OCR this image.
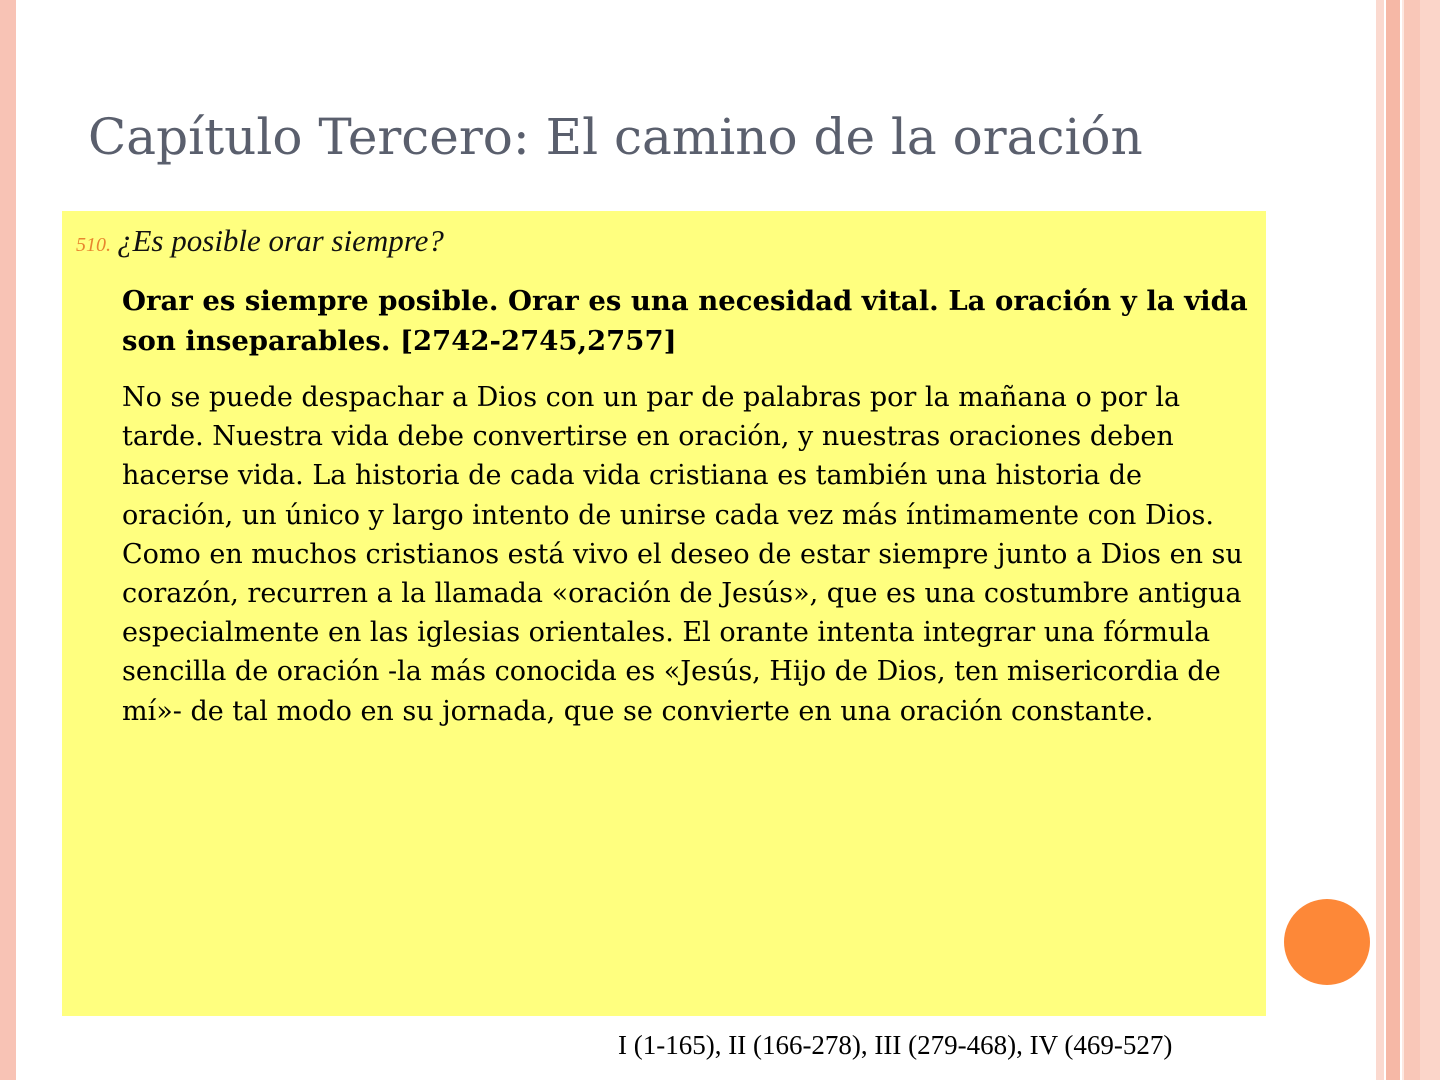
Capítulo Tercero: El camino de la oración
510. ¿Es posible orar siempre?
Orar es siempre posible. Orar es una necesidad vital. La oración y la vida son inseparables. [2742-2745,2757]
No se puede despachar a Dios con un par de palabras por la mañana o por la tarde. Nuestra vida debe convertirse en oración, y nuestras oraciones deben hacerse vida. La historia de cada vida cristiana es también una historia de oración, un único y largo intento de unirse cada vez más íntimamente con Dios. Como en muchos cristianos está vivo el deseo de estar siempre junto a Dios en su corazón, recurren a la llamada «oración de Jesús», que es una costumbre antigua especialmente en las iglesias orientales. El orante intenta integrar una fórmula sencilla de oración -la más conocida es «Jesús, Hijo de Dios, ten misericordia de mí»- de tal modo en su jornada, que se convierte en una oración constante.
I (1-165), II (166-278), III (279-468), IV (469-527)
